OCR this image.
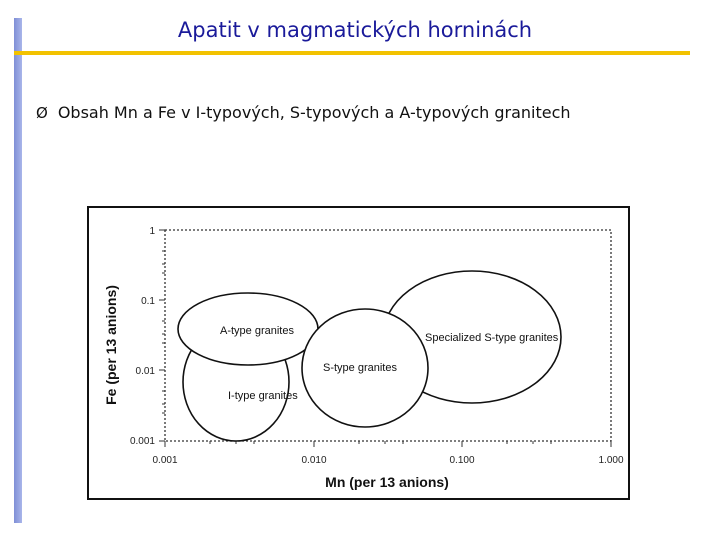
Apatit v magmatických horninách
Ø Obsah Mn a Fe v I-typových, S-typových a A-typových granitech
Fe (per 13 anions)
1
0.1
0.01
0.001
0.001	0.010	0.100	1.000
Mn (per 13 anions)
A-type granites
I-type granites
S-type granites
Specialized S-type granites
